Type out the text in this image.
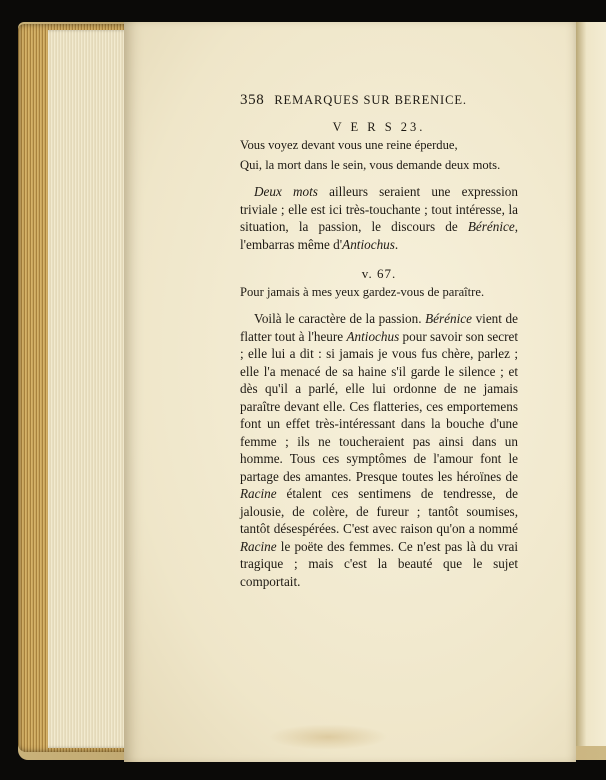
358 REMARQUES SUR BERENICE.
V E R S 23.
Vous voyez devant vous une reine éperdue,
Qui, la mort dans le sein, vous demande deux mots.

Deux mots ailleurs seraient une expression triviale ; elle est ici très-touchante ; tout intéresse, la situation, la passion, le discours de Bérénice, l'embarras même d'Antiochus.

v. 67.
Pour jamais à mes yeux gardez-vous de paraître.

Voilà le caractère de la passion. Bérénice vient de flatter tout à l'heure Antiochus pour savoir son secret ; elle lui a dit : si jamais je vous fus chère, parlez ; elle l'a menacé de sa haine s'il garde le silence ; et dès qu'il a parlé, elle lui ordonne de ne jamais paraître devant elle. Ces flatteries, ces emportemens font un effet très-intéressant dans la bouche d'une femme ; ils ne toucheraient pas ainsi dans un homme. Tous ces symptômes de l'amour font le partage des amantes. Presque toutes les héroïnes de Racine étalent ces sentimens de tendresse, de jalousie, de colère, de fureur ; tantôt soumises, tantôt désespérées. C'est avec raison qu'on a nommé Racine le poëte des femmes. Ce n'est pas là du vrai tragique ; mais c'est la beauté que le sujet comportait.
